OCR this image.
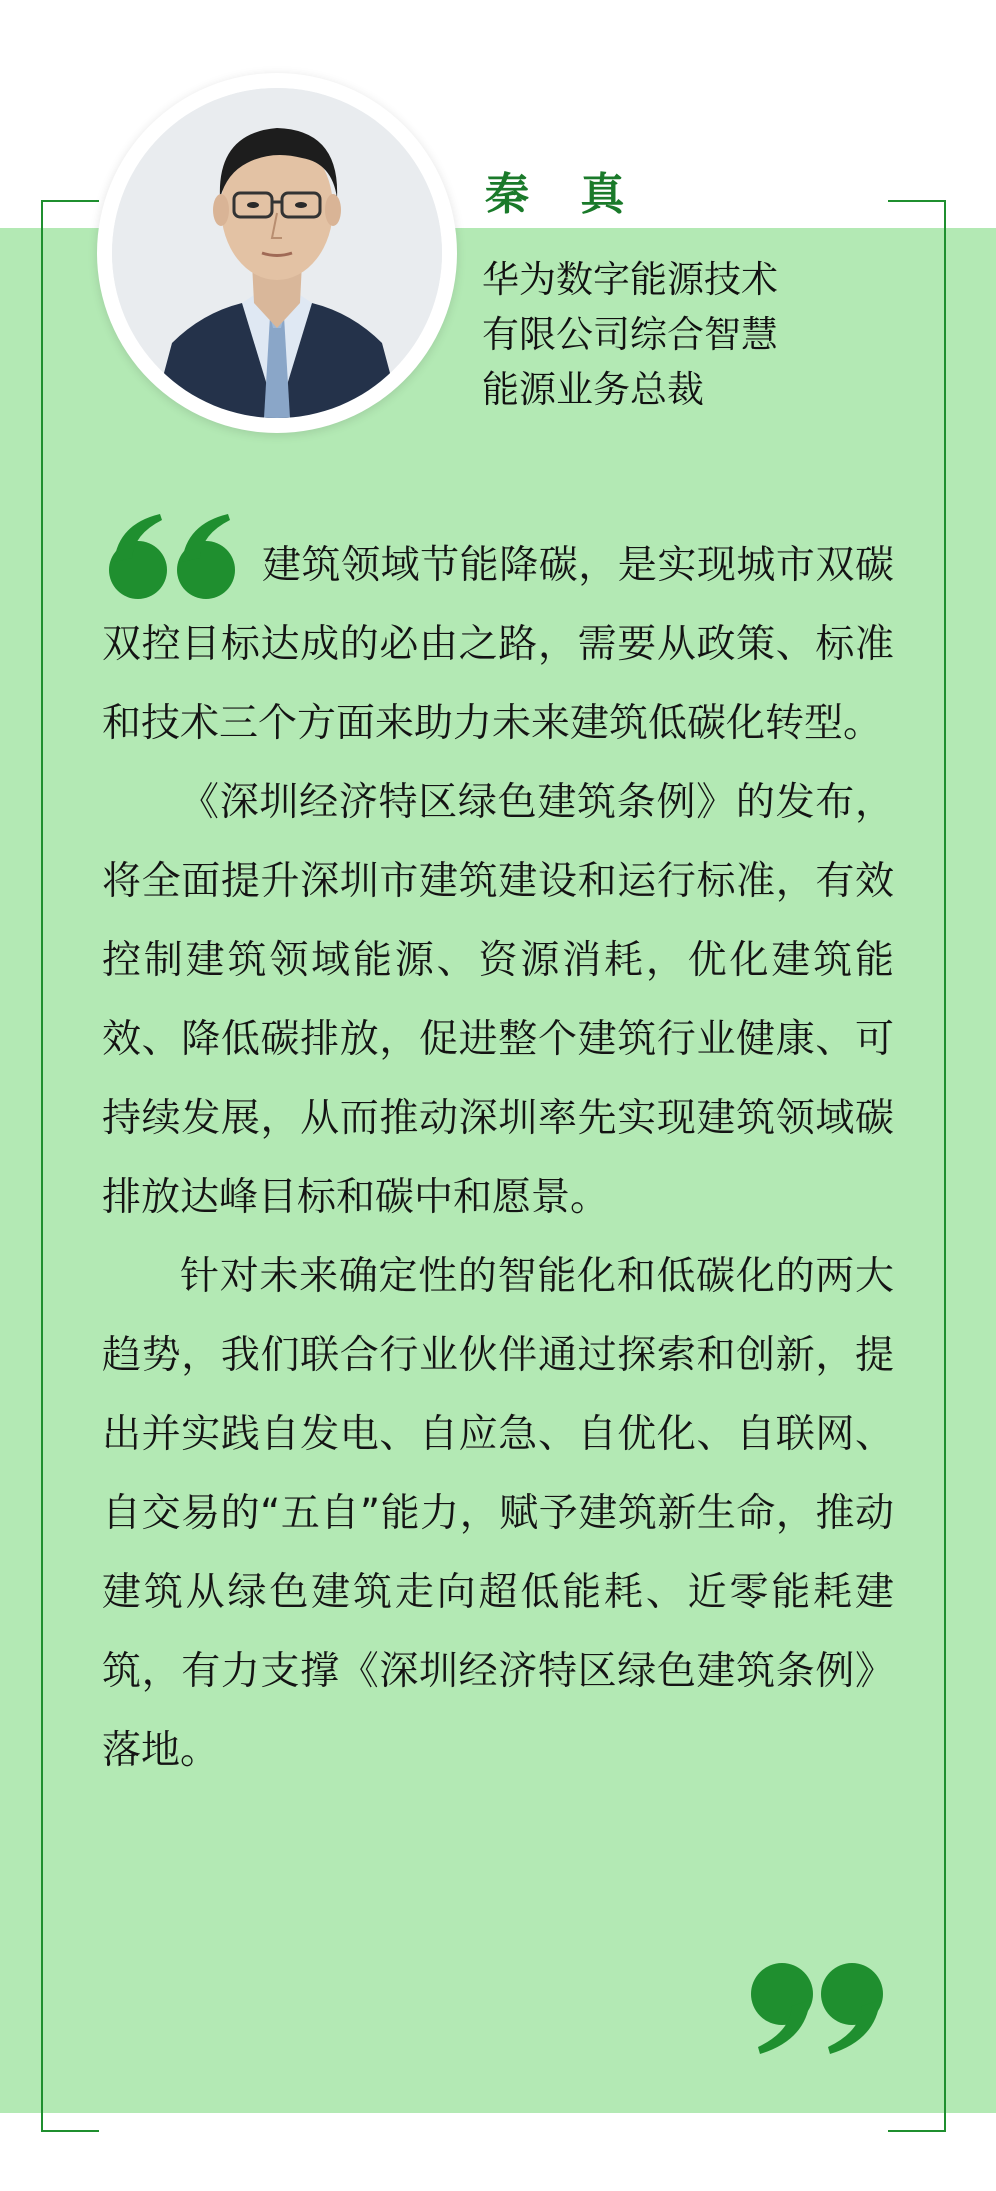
秦 真
华为数字能源技术
有限公司综合智慧
能源业务总裁

建筑领域节能降碳，是实现城市双碳双控目标达成的必由之路，需要从政策、标准和技术三个方面来助力未来建筑低碳化转型。

《深圳经济特区绿色建筑条例》的发布，将全面提升深圳市建筑建设和运行标准，有效控制建筑领域能源、资源消耗，优化建筑能效、降低碳排放，促进整个建筑行业健康、可持续发展，从而推动深圳率先实现建筑领域碳排放达峰目标和碳中和愿景。

针对未来确定性的智能化和低碳化的两大趋势，我们联合行业伙伴通过探索和创新，提出并实践自发电、自应急、自优化、自联网、自交易的“五自”能力，赋予建筑新生命，推动建筑从绿色建筑走向超低能耗、近零能耗建筑，有力支撑《深圳经济特区绿色建筑条例》落地。
